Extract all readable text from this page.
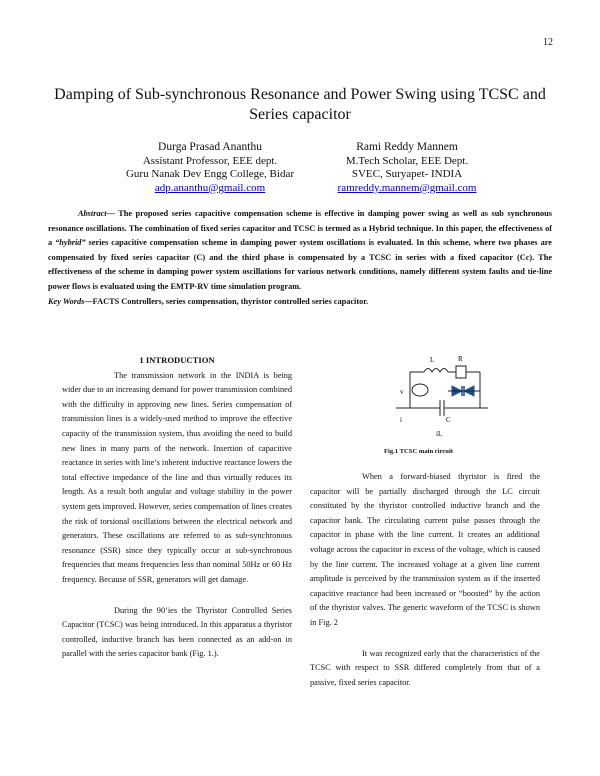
12
Damping of Sub-synchronous Resonance and Power Swing using TCSC and Series capacitor
Durga Prasad Ananthu
Assistant Professor, EEE dept.
Guru Nanak Dev Engg College, Bidar
adp.ananthu@gmail.com
Rami Reddy Mannem
M.Tech Scholar, EEE Dept.
SVEC, Suryapet- INDIA
ramreddy.mannem@gmail.com
Abstract— The proposed series capacitive compensation scheme is effective in damping power swing as well as sub synchronous resonance oscillations. The combination of fixed series capacitor and TCSC is termed as a Hybrid technique. In this paper, the effectiveness of a “hybrid” series capacitive compensation scheme in damping power system oscillations is evaluated. In this scheme, where two phases are compensated by fixed series capacitor (C) and the third phase is compensated by a TCSC in series with a fixed capacitor (Cc). The effectiveness of the scheme in damping power system oscillations for various network conditions, namely different system faults and tie-line power flows is evaluated using the EMTP-RV time simulation program.
Key Words—FACTS Controllers, series compensation, thyristor controlled series capacitor.

1 INTRODUCTION

The transmission network in the INDIA is being wider due to an increasing demand for power transmission combined with the difficulty in approving new lines. Series compensation of transmission lines is a widely-used method to improve the effective capacity of the transmission system, thus avoiding the need to build new lines in many parts of the network. Insertion of capacitive reactance in series with line’s inherent inductive reactance lowers the total effective impedance of the line and thus virtually reduces its length. As a result both angular and voltage stability in the power system gets improved. However, series compensation of lines creates the risk of torsional oscillations between the electrical network and generators. These oscillations are referred to as sub-synchronous resonance (SSR) since they typically occur at sub-synchronous frequencies that means frequencies less than nominal 50Hz or 60 Hz frequency. Because of SSR, generators will get damage.

During the 90’ies the Thyristor Controlled Series Capacitor (TCSC) was being introduced. In this apparatus a thyristor controlled, inductive branch has been connected as an add-on in parallel with the series capacitor bank (Fig. 1.).

L	R
v
C
i
iL
Fig.1 TCSC main circuit

When a forward-biased thyristor is fired the capacitor will be partially discharged through the LC circuit constituted by the thyristor controlled inductive branch and the capacitor bank. The circulating current pulse passes through the capacitor in phase with the line current. It creates an additional voltage across the capacitor in excess of the voltage, which is caused by the line current. The increased voltage at a given line current amplitude is perceived by the transmission system as if the inserted capacitive reactance had been increased or “boosted” by the action of the thyristor valves. The generic waveform of the TCSC is shown in Fig. 2

It was recognized early that the characteristics of the TCSC with respect to SSR differed completely from that of a passive, fixed series capacitor.
